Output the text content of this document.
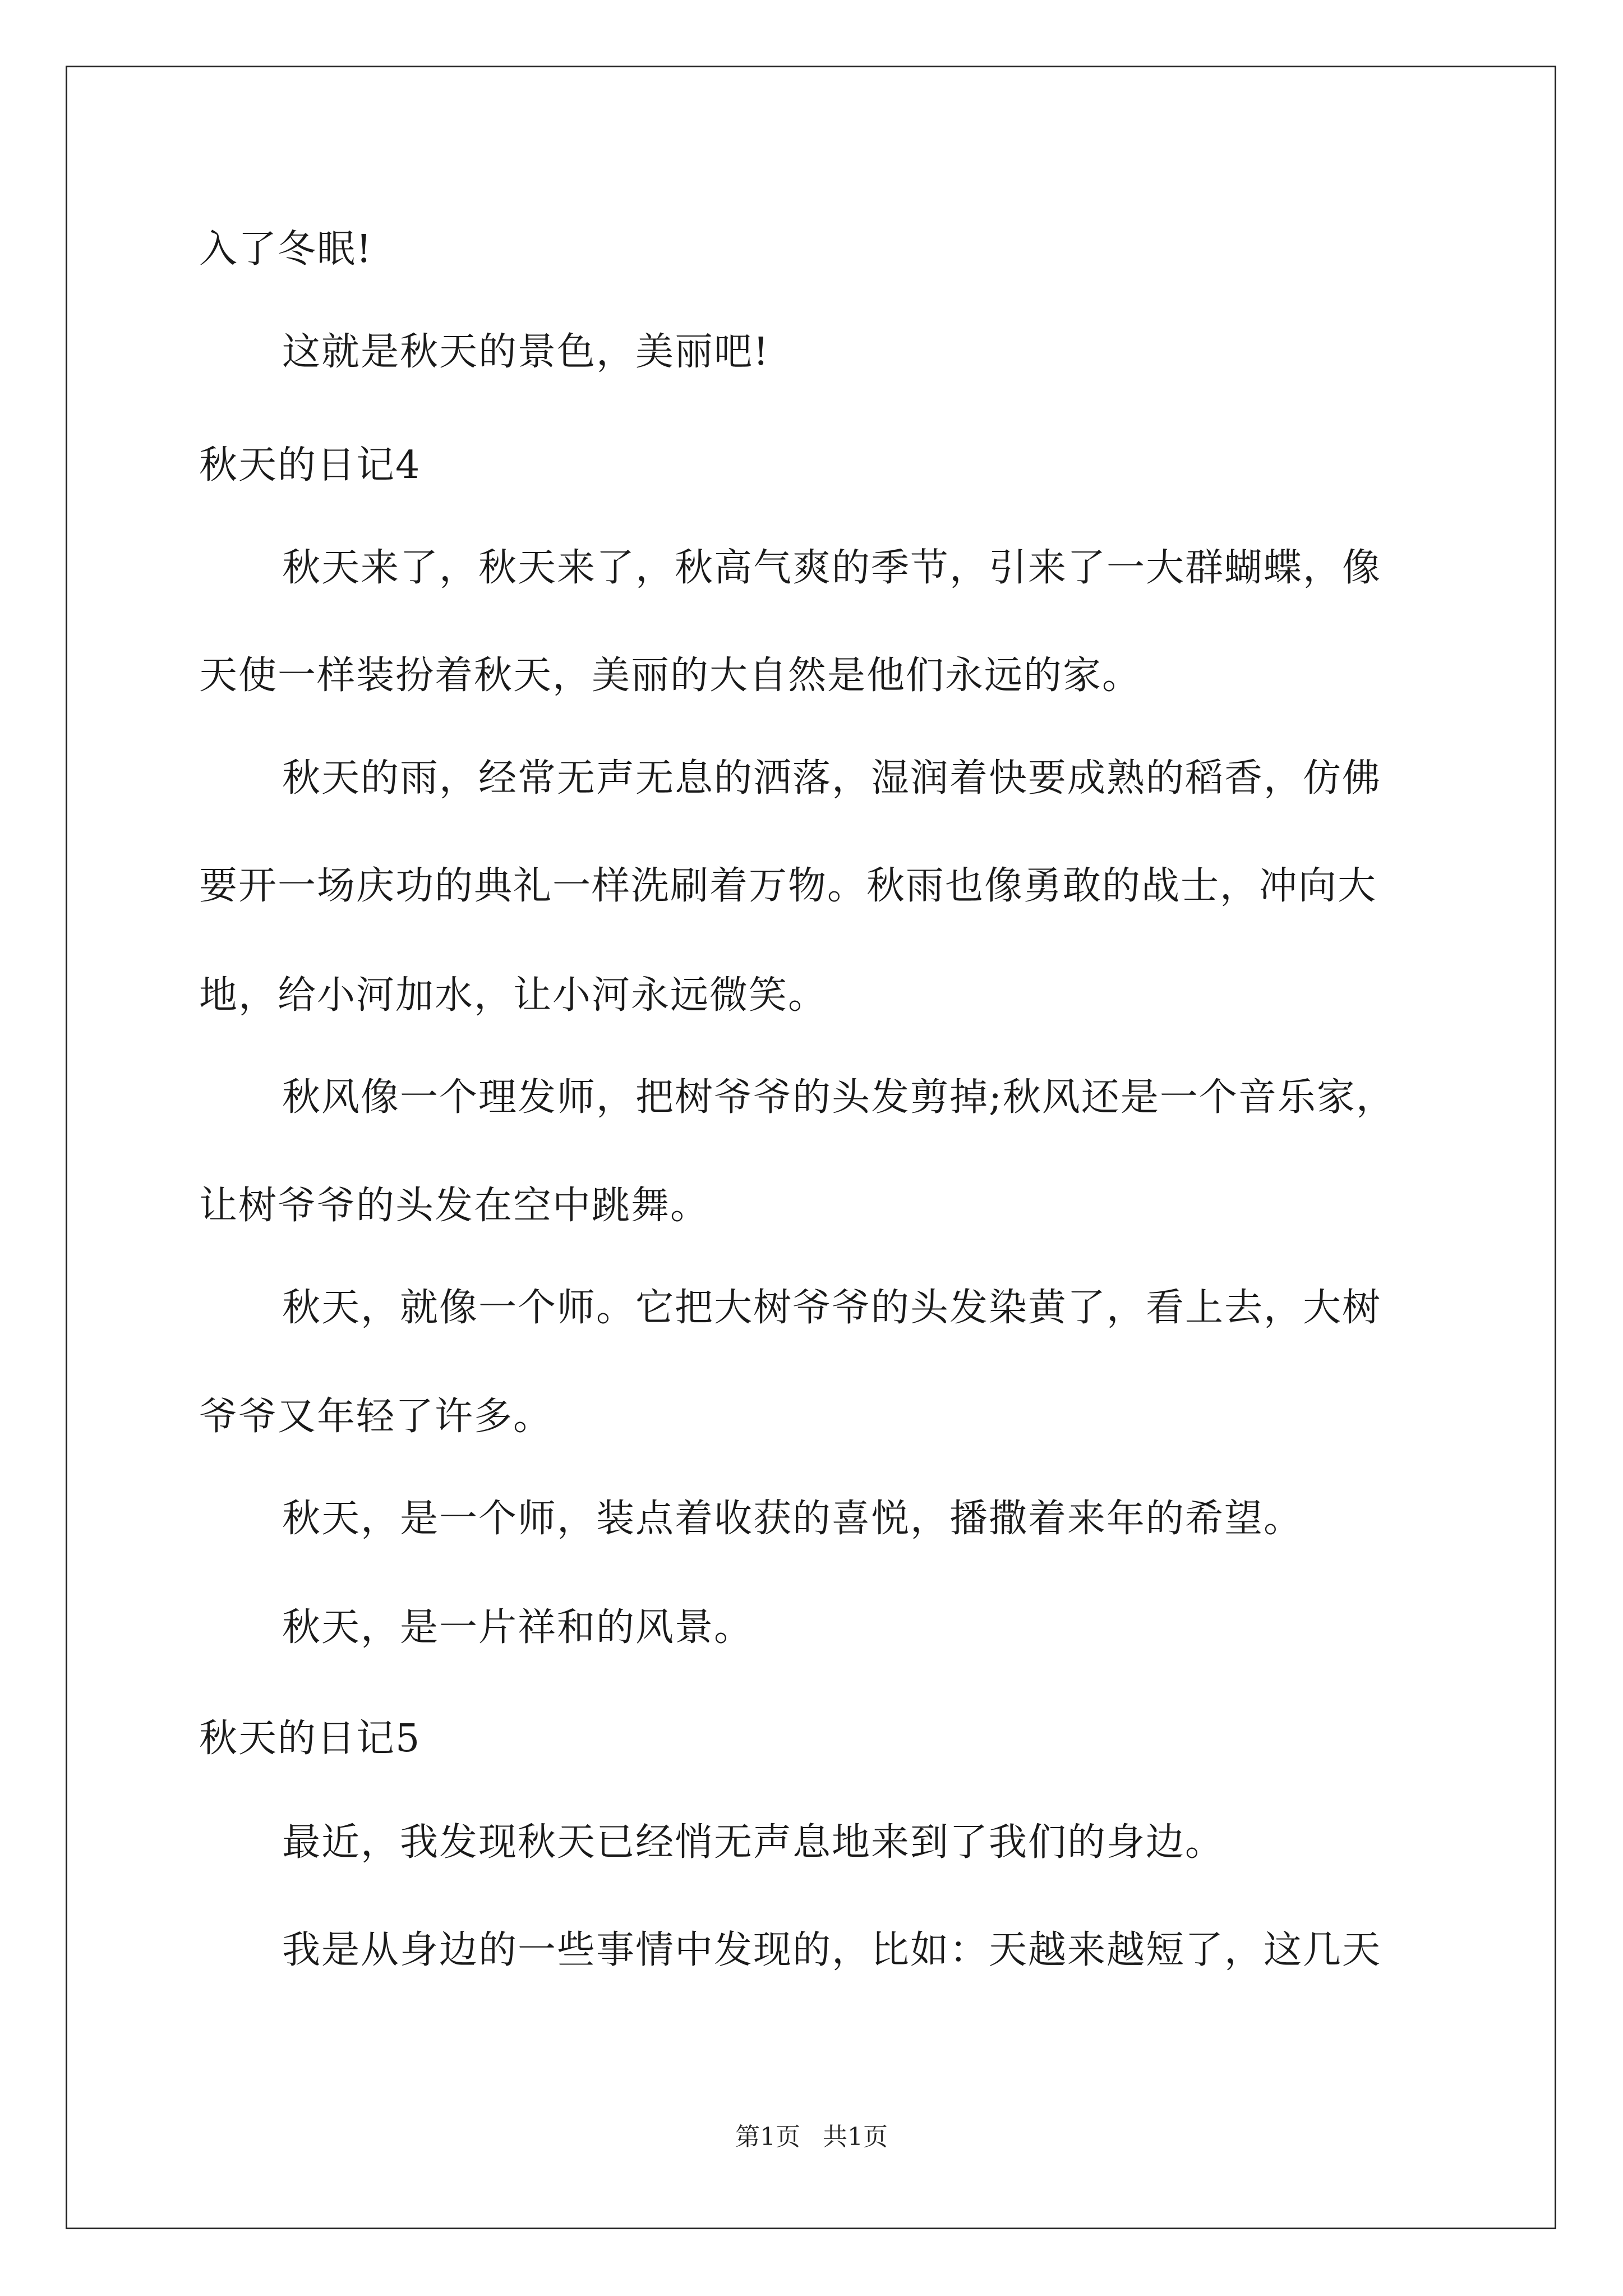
入了冬眠!
这就是秋天的景色，美丽吧!
秋天的日记4
秋天来了，秋天来了，秋高气爽的季节，引来了一大群蝴蝶，像
天使一样装扮着秋天，美丽的大自然是他们永远的家。
秋天的雨，经常无声无息的洒落，湿润着快要成熟的稻香，仿佛
要开一场庆功的典礼一样洗刷着万物。秋雨也像勇敢的战士，冲向大
地，给小河加水，让小河永远微笑。
秋风像一个理发师，把树爷爷的头发剪掉;秋风还是一个音乐家，
让树爷爷的头发在空中跳舞。
秋天，就像一个师。它把大树爷爷的头发染黄了，看上去，大树
爷爷又年轻了许多。
秋天，是一个师，装点着收获的喜悦，播撒着来年的希望。
秋天，是一片祥和的风景。
秋天的日记5
最近，我发现秋天已经悄无声息地来到了我们的身边。
我是从身边的一些事情中发现的，比如：天越来越短了，这几天
第1页 共1页
